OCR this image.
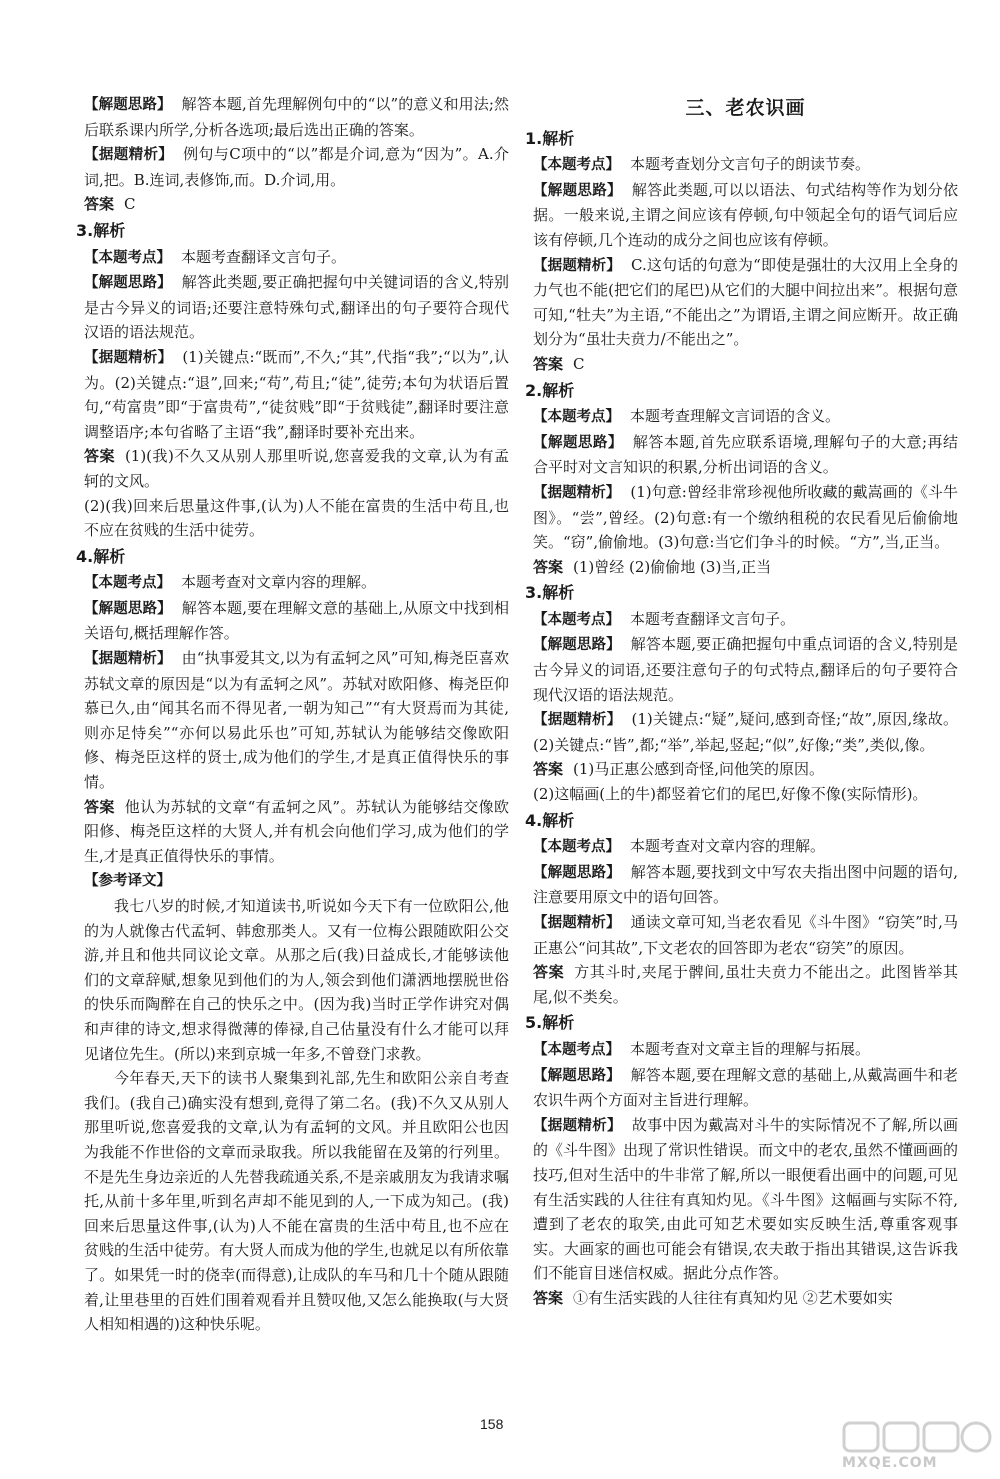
【解题思路】 解答本题,首先理解例句中的“以”的意义和用法;然后联系课内所学,分析各选项;最后选出正确的答案。

【据题精析】 例句与C项中的“以”都是介词,意为“因为”。A.介词,把。B.连词,表修饰,而。D.介词,用。

答案 C

3.解析

【本题考点】 本题考查翻译文言句子。

【解题思路】 解答此类题,要正确把握句中关键词语的含义,特别是古今异义的词语;还要注意特殊句式,翻译出的句子要符合现代汉语的语法规范。

【据题精析】 (1)关键点:“既而”,不久;“其”,代指“我”;“以为”,认为。(2)关键点:“退”,回来;“苟”,苟且;“徒”,徒劳;本句为状语后置句,“苟富贵”即“于富贵苟”,“徒贫贱”即“于贫贱徒”,翻译时要注意调整语序;本句省略了主语“我”,翻译时要补充出来。

答案 (1)(我)不久又从别人那里听说,您喜爱我的文章,认为有孟轲的文风。

(2)(我)回来后思量这件事,(认为)人不能在富贵的生活中苟且,也不应在贫贱的生活中徒劳。

4.解析

【本题考点】 本题考查对文章内容的理解。

【解题思路】 解答本题,要在理解文意的基础上,从原文中找到相关语句,概括理解作答。

【据题精析】 由“执事爱其文,以为有孟轲之风”可知,梅尧臣喜欢苏轼文章的原因是“以为有孟轲之风”。苏轼对欧阳修、梅尧臣仰慕已久,由“闻其名而不得见者,一朝为知己”“有大贤焉而为其徒,则亦足恃矣”“亦何以易此乐也”可知,苏轼认为能够结交像欧阳修、梅尧臣这样的贤士,成为他们的学生,才是真正值得快乐的事情。

答案 他认为苏轼的文章“有孟轲之风”。苏轼认为能够结交像欧阳修、梅尧臣这样的大贤人,并有机会向他们学习,成为他们的学生,才是真正值得快乐的事情。

【参考译文】

我七八岁的时候,才知道读书,听说如今天下有一位欧阳公,他的为人就像古代孟轲、韩愈那类人。又有一位梅公跟随欧阳公交游,并且和他共同议论文章。从那之后(我)日益成长,才能够读他们的文章辞赋,想象见到他们的为人,领会到他们潇洒地摆脱世俗的快乐而陶醉在自己的快乐之中。(因为我)当时正学作讲究对偶和声律的诗文,想求得微薄的俸禄,自己估量没有什么才能可以拜见诸位先生。(所以)来到京城一年多,不曾登门求教。

今年春天,天下的读书人聚集到礼部,先生和欧阳公亲自考查我们。(我自己)确实没有想到,竟得了第二名。(我)不久又从别人那里听说,您喜爱我的文章,认为有孟轲的文风。并且欧阳公也因为我能不作世俗的文章而录取我。所以我能留在及第的行列里。不是先生身边亲近的人先替我疏通关系,不是亲戚朋友为我请求嘱托,从前十多年里,听到名声却不能见到的人,一下成为知己。(我)回来后思量这件事,(认为)人不能在富贵的生活中苟且,也不应在贫贱的生活中徒劳。有大贤人而成为他的学生,也就足以有所依靠了。如果凭一时的侥幸(而得意),让成队的车马和几十个随从跟随着,让里巷里的百姓们围着观看并且赞叹他,又怎么能换取(与大贤人相知相遇的)这种快乐呢。

三、老农识画
1.解析

【本题考点】 本题考查划分文言句子的朗读节奏。

【解题思路】 解答此类题,可以以语法、句式结构等作为划分依据。一般来说,主谓之间应该有停顿,句中领起全句的语气词后应该有停顿,几个连动的成分之间也应该有停顿。

【据题精析】 C.这句话的句意为“即使是强壮的大汉用上全身的力气也不能(把它们的尾巴)从它们的大腿中间拉出来”。根据句意可知,“牡夫”为主语,“不能出之”为谓语,主谓之间应断开。故正确划分为“虽壮夫贲力/不能出之”。

答案 C

2.解析

【本题考点】 本题考查理解文言词语的含义。

【解题思路】 解答本题,首先应联系语境,理解句子的大意;再结合平时对文言知识的积累,分析出词语的含义。

【据题精析】 (1)句意:曾经非常珍视他所收藏的戴嵩画的《斗牛图》。“尝”,曾经。(2)句意:有一个缴纳租税的农民看见后偷偷地笑。“窃”,偷偷地。(3)句意:当它们争斗的时候。“方”,当,正当。

答案 (1)曾经 (2)偷偷地 (3)当,正当

3.解析

【本题考点】 本题考查翻译文言句子。

【解题思路】 解答本题,要正确把握句中重点词语的含义,特别是古今异义的词语,还要注意句子的句式特点,翻译后的句子要符合现代汉语的语法规范。

【据题精析】 (1)关键点:“疑”,疑问,感到奇怪;“故”,原因,缘故。(2)关键点:“皆”,都;“举”,举起,竖起;“似”,好像;“类”,类似,像。

答案 (1)马正惠公感到奇怪,问他笑的原因。

(2)这幅画(上的牛)都竖着它们的尾巴,好像不像(实际情形)。

4.解析

【本题考点】 本题考查对文章内容的理解。

【解题思路】 解答本题,要找到文中写农夫指出图中问题的语句,注意要用原文中的语句回答。

【据题精析】 通读文章可知,当老农看见《斗牛图》“窃笑”时,马正惠公“问其故”,下文老农的回答即为老农“窃笑”的原因。

答案 方其斗时,夹尾于髀间,虽壮夫贲力不能出之。此图皆举其尾,似不类矣。

5.解析

【本题考点】 本题考查对文章主旨的理解与拓展。

【解题思路】 解答本题,要在理解文意的基础上,从戴嵩画牛和老农识牛两个方面对主旨进行理解。

【据题精析】 故事中因为戴嵩对斗牛的实际情况不了解,所以画的《斗牛图》出现了常识性错误。而文中的老农,虽然不懂画画的技巧,但对生活中的牛非常了解,所以一眼便看出画中的问题,可见有生活实践的人往往有真知灼见。《斗牛图》这幅画与实际不符,遭到了老农的取笑,由此可知艺术要如实反映生活,尊重客观事实。大画家的画也可能会有错误,农夫敢于指出其错误,这告诉我们不能盲目迷信权威。据此分点作答。

答案 ①有生活实践的人往往有真知灼见 ②艺术要如实

158
MXQE.COM
